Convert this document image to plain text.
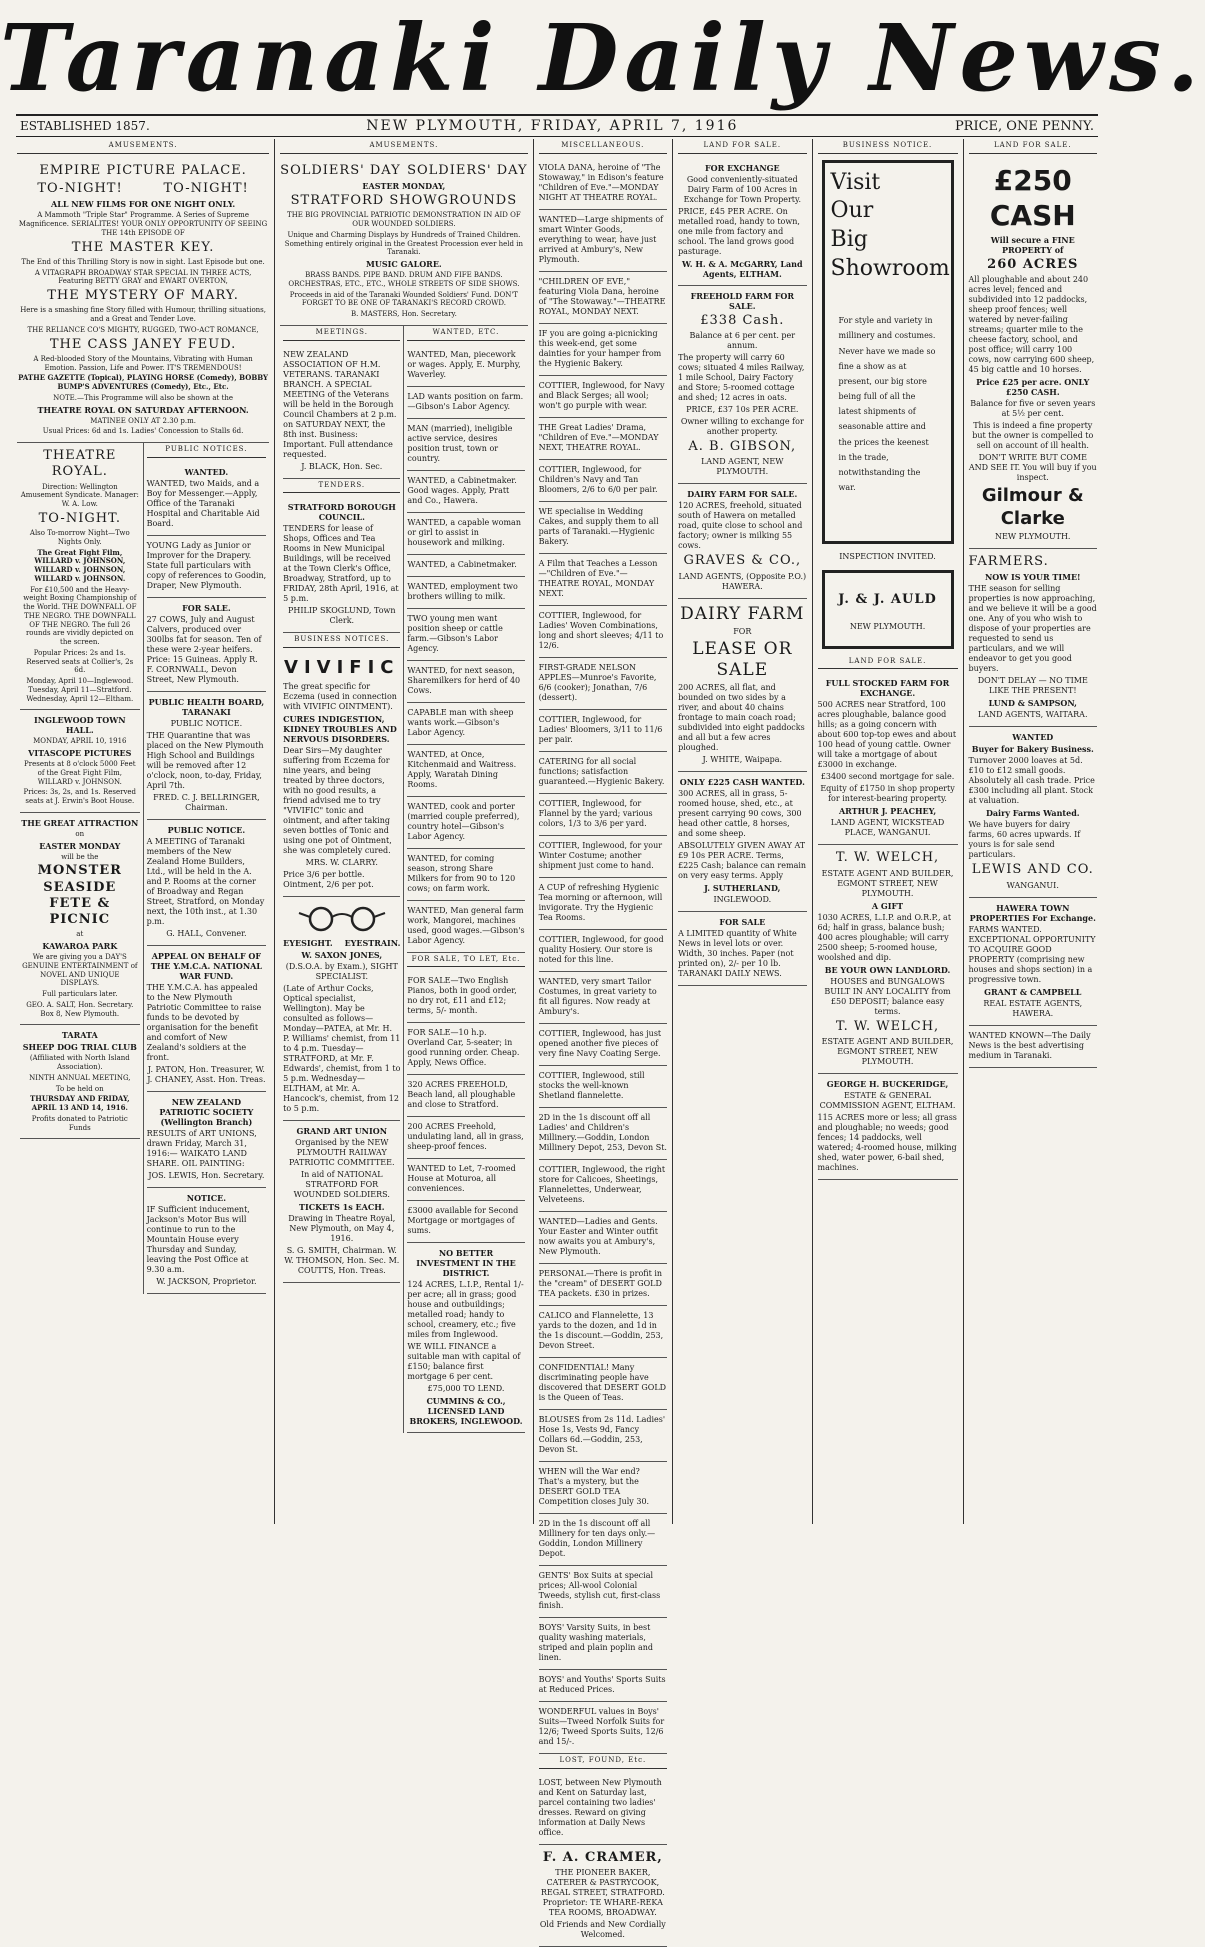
Taranaki Daily News.
ESTABLISHED 1857.	NEW PLYMOUTH, FRIDAY, APRIL 7, 1916	PRICE, ONE PENNY.
AMUSEMENTS.

EMPIRE PICTURE PALACE.

TO-NIGHT!	TO-NIGHT!

ALL NEW FILMS FOR ONE NIGHT ONLY.

A Mammoth "Triple Star" Programme. A Series of Supreme Magnificence. SERIALITES! YOUR ONLY OPPORTUNITY OF SEEING THE 14th EPISODE OF

THE MASTER KEY.

The End of this Thrilling Story is now in sight. Last Episode but one.

A VITAGRAPH BROADWAY STAR SPECIAL IN THREE ACTS, Featuring BETTY GRAY and EWART OVERTON,

THE MYSTERY OF MARY.

Here is a smashing fine Story filled with Humour, thrilling situations, and a Great and Tender Love.

THE RELIANCE CO'S MIGHTY, RUGGED, TWO-ACT ROMANCE,

THE CASS JANEY FEUD.

A Red-blooded Story of the Mountains, Vibrating with Human Emotion. Passion, Life and Power. IT'S TREMENDOUS!

PATHE GAZETTE (Topical), PLAYING HORSE (Comedy), BOBBY BUMP'S ADVENTURES (Comedy), Etc., Etc.

NOTE.—This Programme will also be shown at the

THEATRE ROYAL ON SATURDAY AFTERNOON.

MATINEE ONLY AT 2.30 p.m.

Usual Prices: 6d and 1s. Ladies' Concession to Stalls 6d.

THEATRE ROYAL.

Direction: Wellington Amusement Syndicate. Manager: W. A. Low.

TO-NIGHT.

Also To-morrow Night—Two Nights Only.

The Great Fight Film, WILLARD v. JOHNSON, WILLARD v. JOHNSON, WILLARD v. JOHNSON.

For £10,500 and the Heavy-weight Boxing Championship of the World. THE DOWNFALL OF THE NEGRO. THE DOWNFALL OF THE NEGRO. The full 26 rounds are vividly depicted on the screen.

Popular Prices: 2s and 1s. Reserved seats at Collier's, 2s 6d.

Monday, April 10—Inglewood. Tuesday, April 11—Stratford. Wednesday, April 12—Eltham.

INGLEWOOD TOWN HALL.

MONDAY, APRIL 10, 1916

VITASCOPE PICTURES

Presents at 8 o'clock 5000 Feet of the Great Fight Film, WILLARD v. JOHNSON.

Prices: 3s, 2s, and 1s. Reserved seats at J. Erwin's Boot House.

THE GREAT ATTRACTION

on

EASTER MONDAY

will be the

MONSTER SEASIDE FETE & PICNIC

at

KAWAROA PARK

We are giving you a DAY'S GENUINE ENTERTAINMENT of NOVEL AND UNIQUE DISPLAYS.

Full particulars later.

GEO. A. SALT, Hon. Secretary. Box 8, New Plymouth.

TARATA

SHEEP DOG TRIAL CLUB

(Affiliated with North Island Association).

NINTH ANNUAL MEETING,

To be held on

THURSDAY AND FRIDAY, APRIL 13 AND 14, 1916.

Profits donated to Patriotic Funds

PUBLIC NOTICES.

WANTED.

WANTED, two Maids, and a Boy for Messenger.—Apply, Office of the Taranaki Hospital and Charitable Aid Board.

YOUNG Lady as Junior or Improver for the Drapery. State full particulars with copy of references to Goodin, Draper, New Plymouth.

FOR SALE.

27 COWS, July and August Calvers, produced over 300lbs fat for season. Ten of these were 2-year heifers. Price: 15 Guineas. Apply R. F. CORNWALL, Devon Street, New Plymouth.

PUBLIC HEALTH BOARD, TARANAKI

PUBLIC NOTICE.

THE Quarantine that was placed on the New Plymouth High School and Buildings will be removed after 12 o'clock, noon, to-day, Friday, April 7th.

FRED. C. J. BELLRINGER, Chairman.

PUBLIC NOTICE.

A MEETING of Taranaki members of the New Zealand Home Builders, Ltd., will be held in the A. and P. Rooms at the corner of Broadway and Regan Street, Stratford, on Monday next, the 10th inst., at 1.30 p.m.

G. HALL, Convener.

APPEAL ON BEHALF OF THE Y.M.C.A. NATIONAL WAR FUND.

THE Y.M.C.A. has appealed to the New Plymouth Patriotic Committee to raise funds to be devoted by organisation for the benefit and comfort of New Zealand's soldiers at the front.

J. PATON, Hon. Treasurer, W. J. CHANEY, Asst. Hon. Treas.

NEW ZEALAND PATRIOTIC SOCIETY (Wellington Branch)

RESULTS of ART UNIONS, drawn Friday, March 31, 1916:— WAIKATO LAND SHARE. OIL PAINTING:

JOS. LEWIS, Hon. Secretary.

NOTICE.

IF Sufficient inducement, Jackson's Motor Bus will continue to run to the Mountain House every Thursday and Sunday, leaving the Post Office at 9.30 a.m.

W. JACKSON, Proprietor.

AMUSEMENTS.

SOLDIERS' DAY SOLDIERS' DAY

EASTER MONDAY,

STRATFORD SHOWGROUNDS

THE BIG PROVINCIAL PATRIOTIC DEMONSTRATION IN AID OF OUR WOUNDED SOLDIERS.

Unique and Charming Displays by Hundreds of Trained Children. Something entirely original in the Greatest Procession ever held in Taranaki.

MUSIC GALORE.

BRASS BANDS. PIPE BAND. DRUM AND FIFE BANDS. ORCHESTRAS, ETC., ETC., WHOLE STREETS OF SIDE SHOWS.

Proceeds in aid of the Taranaki Wounded Soldiers' Fund. DON'T FORGET TO BE ONE OF TARANAKI'S RECORD CROWD.

B. MASTERS, Hon. Secretary.

MEETINGS.

NEW ZEALAND ASSOCIATION OF H.M. VETERANS. TARANAKI BRANCH. A SPECIAL MEETING of the Veterans will be held in the Borough Council Chambers at 2 p.m. on SATURDAY NEXT, the 8th inst. Business: Important. Full attendance requested.

J. BLACK, Hon. Sec.

TENDERS.

STRATFORD BOROUGH COUNCIL.

TENDERS for lease of Shops, Offices and Tea Rooms in New Municipal Buildings, will be received at the Town Clerk's Office, Broadway, Stratford, up to FRIDAY, 28th April, 1916, at 5 p.m.

PHILIP SKOGLUND, Town Clerk.

BUSINESS NOTICES.

VIVIFIC

The great specific for Eczema (used in connection with VIVIFIC OINTMENT).

CURES INDIGESTION, KIDNEY TROUBLES AND NERVOUS DISORDERS.

Dear Sirs—My daughter suffering from Eczema for nine years, and being treated by three doctors, with no good results, a friend advised me to try "VIVIFIC" tonic and ointment, and after taking seven bottles of Tonic and using one pot of Ointment, she was completely cured.

MRS. W. CLARRY.

Price 3/6 per bottle. Ointment, 2/6 per pot.

EYESIGHT. EYESTRAIN.

W. SAXON JONES,

(D.S.O.A. by Exam.), SIGHT SPECIALIST.

(Late of Arthur Cocks, Optical specialist, Wellington). May be consulted as follows— Monday—PATEA, at Mr. H. P. Williams' chemist, from 11 to 4 p.m. Tuesday—STRATFORD, at Mr. F. Edwards', chemist, from 1 to 5 p.m. Wednesday—ELTHAM, at Mr. A. Hancock's, chemist, from 12 to 5 p.m.

GRAND ART UNION

Organised by the NEW PLYMOUTH RAILWAY PATRIOTIC COMMITTEE.

In aid of NATIONAL STRATFORD FOR WOUNDED SOLDIERS.

TICKETS 1s EACH.

Drawing in Theatre Royal, New Plymouth, on May 4, 1916.

S. G. SMITH, Chairman. W. W. THOMSON, Hon. Sec. M. COUTTS, Hon. Treas.

WANTED, ETC.

WANTED, Man, piecework or wages. Apply, E. Murphy, Waverley.

LAD wants position on farm.—Gibson's Labor Agency.

MAN (married), ineligible active service, desires position trust, town or country.

WANTED, a Cabinetmaker. Good wages. Apply, Pratt and Co., Hawera.

WANTED, a capable woman or girl to assist in housework and milking.

WANTED, a Cabinetmaker.

WANTED, employment two brothers willing to milk.

TWO young men want position sheep or cattle farm.—Gibson's Labor Agency.

WANTED, for next season, Sharemilkers for herd of 40 Cows.

CAPABLE man with sheep wants work.—Gibson's Labor Agency.

WANTED, at Once, Kitchenmaid and Waitress. Apply, Waratah Dining Rooms.

WANTED, cook and porter (married couple preferred), country hotel—Gibson's Labor Agency.

WANTED, for coming season, strong Share Milkers for from 90 to 120 cows; on farm work.

WANTED, Man general farm work, Mangorei, machines used, good wages.—Gibson's Labor Agency.

FOR SALE, TO LET, Etc.

FOR SALE—Two English Pianos, both in good order, no dry rot, £11 and £12; terms, 5/- month.

FOR SALE—10 h.p. Overland Car, 5-seater; in good running order. Cheap. Apply, News Office.

320 ACRES FREEHOLD, Beach land, all ploughable and close to Stratford.

200 ACRES Freehold, undulating land, all in grass, sheep-proof fences.

WANTED to Let, 7-roomed House at Moturoa, all conveniences.

£3000 available for Second Mortgage or mortgages of sums.

NO BETTER INVESTMENT IN THE DISTRICT.

124 ACRES, L.I.P., Rental 1/- per acre; all in grass; good house and outbuildings; metalled road; handy to school, creamery, etc.; five miles from Inglewood.

WE WILL FINANCE a suitable man with capital of £150; balance first mortgage 6 per cent.

£75,000 TO LEND.

CUMMINS & CO., LICENSED LAND BROKERS, INGLEWOOD.

MISCELLANEOUS.

VIOLA DANA, heroine of "The Stowaway," in Edison's feature "Children of Eve."—MONDAY NIGHT AT THEATRE ROYAL.

WANTED—Large shipments of smart Winter Goods, everything to wear, have just arrived at Ambury's, New Plymouth.

"CHILDREN OF EVE," featuring Viola Dana, heroine of "The Stowaway."—THEATRE ROYAL, MONDAY NEXT.

IF you are going a-picnicking this week-end, get some dainties for your hamper from the Hygienic Bakery.

COTTIER, Inglewood, for Navy and Black Serges; all wool; won't go purple with wear.

THE Great Ladies' Drama, "Children of Eve."—MONDAY NEXT, THEATRE ROYAL.

COTTIER, Inglewood, for Children's Navy and Tan Bloomers, 2/6 to 6/0 per pair.

WE specialise in Wedding Cakes, and supply them to all parts of Taranaki.—Hygienic Bakery.

A Film that Teaches a Lesson—"Children of Eve."—THEATRE ROYAL, MONDAY NEXT.

COTTIER, Inglewood, for Ladies' Woven Combinations, long and short sleeves; 4/11 to 12/6.

FIRST-GRADE NELSON APPLES—Munroe's Favorite, 6/6 (cooker); Jonathan, 7/6 (dessert).

COTTIER, Inglewood, for Ladies' Bloomers, 3/11 to 11/6 per pair.

CATERING for all social functions; satisfaction guaranteed.—Hygienic Bakery.

COTTIER, Inglewood, for Flannel by the yard; various colors, 1/3 to 3/6 per yard.

COTTIER, Inglewood, for your Winter Costume; another shipment just come to hand.

A CUP of refreshing Hygienic Tea morning or afternoon, will invigorate. Try the Hygienic Tea Rooms.

COTTIER, Inglewood, for good quality Hosiery. Our store is noted for this line.

WANTED, very smart Tailor Costumes, in great variety to fit all figures. Now ready at Ambury's.

COTTIER, Inglewood, has just opened another five pieces of very fine Navy Coating Serge.

COTTIER, Inglewood, still stocks the well-known Shetland flannelette.

2D in the 1s discount off all Ladies' and Children's Millinery.—Goddin, London Millinery Depot, 253, Devon St.

COTTIER, Inglewood, the right store for Calicoes, Sheetings, Flannelettes, Underwear, Velveteens.

WANTED—Ladies and Gents. Your Easter and Winter outfit now awaits you at Ambury's, New Plymouth.

PERSONAL—There is profit in the "cream" of DESERT GOLD TEA packets. £30 in prizes.

CALICO and Flannelette, 13 yards to the dozen, and 1d in the 1s discount.—Goddin, 253, Devon Street.

CONFIDENTIAL! Many discriminating people have discovered that DESERT GOLD is the Queen of Teas.

BLOUSES from 2s 11d. Ladies' Hose 1s, Vests 9d, Fancy Collars 6d.—Goddin, 253, Devon St.

WHEN will the War end? That's a mystery, but the DESERT GOLD TEA Competition closes July 30.

2D in the 1s discount off all Millinery for ten days only.—Goddin, London Millinery Depot.

GENTS' Box Suits at special prices; All-wool Colonial Tweeds, stylish cut, first-class finish.

BOYS' Varsity Suits, in best quality washing materials, striped and plain poplin and linen.

BOYS' and Youths' Sports Suits at Reduced Prices.

WONDERFUL values in Boys' Suits—Tweed Norfolk Suits for 12/6; Tweed Sports Suits, 12/6 and 15/-.

LOST, FOUND, Etc.

LOST, between New Plymouth and Kent on Saturday last, parcel containing two ladies' dresses. Reward on giving information at Daily News office.

F. A. CRAMER,

THE PIONEER BAKER, CATERER & PASTRYCOOK, REGAL STREET, STRATFORD. Proprietor: TE WHARE-REKA TEA ROOMS, BROADWAY.

Old Friends and New Cordially Welcomed.

LAND FOR SALE.

FOR EXCHANGE

Good conveniently-situated Dairy Farm of 100 Acres in Exchange for Town Property.

PRICE, £45 PER ACRE. On metalled road, handy to town, one mile from factory and school. The land grows good pasturage.

W. H. & A. McGARRY, Land Agents, ELTHAM.

FREEHOLD FARM FOR SALE.

£338 Cash.

Balance at 6 per cent. per annum.

The property will carry 60 cows; situated 4 miles Railway, 1 mile School, Dairy Factory and Store; 5-roomed cottage and shed; 12 acres in oats.

PRICE, £37 10s PER ACRE.

Owner willing to exchange for another property.

A. B. GIBSON,

LAND AGENT, NEW PLYMOUTH.

DAIRY FARM FOR SALE.

120 ACRES, freehold, situated south of Hawera on metalled road, quite close to school and factory; owner is milking 55 cows.

GRAVES & CO.,

LAND AGENTS, (Opposite P.O.) HAWERA.

DAIRY FARM

FOR

LEASE OR SALE

200 ACRES, all flat, and bounded on two sides by a river, and about 40 chains frontage to main coach road; subdivided into eight paddocks and all but a few acres ploughed.

J. WHITE, Waipapa.

ONLY £225 CASH WANTED.

300 ACRES, all in grass, 5-roomed house, shed, etc., at present carrying 90 cows, 300 head other cattle, 8 horses, and some sheep.

ABSOLUTELY GIVEN AWAY AT £9 10s PER ACRE. Terms, £225 Cash; balance can remain on very easy terms. Apply

J. SUTHERLAND,

INGLEWOOD.

FOR SALE

A LIMITED quantity of White News in level lots or over. Width, 30 inches. Paper (not printed on), 2/- per 10 lb. TARANAKI DAILY NEWS.

BUSINESS NOTICE.
Visit
Our
Big
Showroom

For style and variety in millinery and costumes. Never have we made so fine a show as at present, our big store being full of all the latest shipments of seasonable attire and the prices the keenest in the trade, notwithstanding the war.

INSPECTION INVITED.

J. & J. AULD

NEW PLYMOUTH.

LAND FOR SALE.

FULL STOCKED FARM FOR EXCHANGE.

500 ACRES near Stratford, 100 acres ploughable, balance good hills; as a going concern with about 600 top-top ewes and about 100 head of young cattle. Owner will take a mortgage of about £3000 in exchange.

£3400 second mortgage for sale.

Equity of £1750 in shop property for interest-bearing property.

ARTHUR J. PEACHEY,

LAND AGENT, WICKSTEAD PLACE, WANGANUI.

T. W. WELCH,

ESTATE AGENT AND BUILDER, EGMONT STREET, NEW PLYMOUTH.

A GIFT

1030 ACRES, L.I.P. and O.R.P., at 6d; half in grass, balance bush; 400 acres ploughable; will carry 2500 sheep; 5-roomed house, woolshed and dip.

BE YOUR OWN LANDLORD.

HOUSES and BUNGALOWS BUILT IN ANY LOCALITY from £50 DEPOSIT; balance easy terms.

T. W. WELCH,

ESTATE AGENT AND BUILDER, EGMONT STREET, NEW PLYMOUTH.

GEORGE H. BUCKERIDGE,

ESTATE & GENERAL COMMISSION AGENT, ELTHAM.

115 ACRES more or less; all grass and ploughable; no weeds; good fences; 14 paddocks, well watered; 4-roomed house, milking shed, water power, 6-bail shed, machines.

LAND FOR SALE.

£250 CASH

Will secure a FINE PROPERTY of

260 ACRES

All ploughable and about 240 acres level; fenced and subdivided into 12 paddocks, sheep proof fences; well watered by never-failing streams; quarter mile to the cheese factory, school, and post office; will carry 100 cows, now carrying 600 sheep, 45 big cattle and 10 horses.

Price £25 per acre. ONLY £250 CASH.

Balance for five or seven years at 5½ per cent.

This is indeed a fine property but the owner is compelled to sell on account of ill health.

DON'T WRITE BUT COME AND SEE IT. You will buy if you inspect.

Gilmour & Clarke

NEW PLYMOUTH.

FARMERS.

NOW IS YOUR TIME!

THE season for selling properties is now approaching, and we believe it will be a good one. Any of you who wish to dispose of your properties are requested to send us particulars, and we will endeavor to get you good buyers.

DON'T DELAY — NO TIME LIKE THE PRESENT!

LUND & SAMPSON,

LAND AGENTS, WAITARA.

WANTED

Buyer for Bakery Business.

Turnover 2000 loaves at 5d. £10 to £12 small goods. Absolutely all cash trade. Price £300 including all plant. Stock at valuation.

Dairy Farms Wanted.

We have buyers for dairy farms, 60 acres upwards. If yours is for sale send particulars.

LEWIS AND CO.

WANGANUI.

HAWERA TOWN PROPERTIES For Exchange.

FARMS WANTED. EXCEPTIONAL OPPORTUNITY TO ACQUIRE GOOD PROPERTY (comprising new houses and shops section) in a progressive town.

GRANT & CAMPBELL

REAL ESTATE AGENTS, HAWERA.

WANTED KNOWN—The Daily News is the best advertising medium in Taranaki.
